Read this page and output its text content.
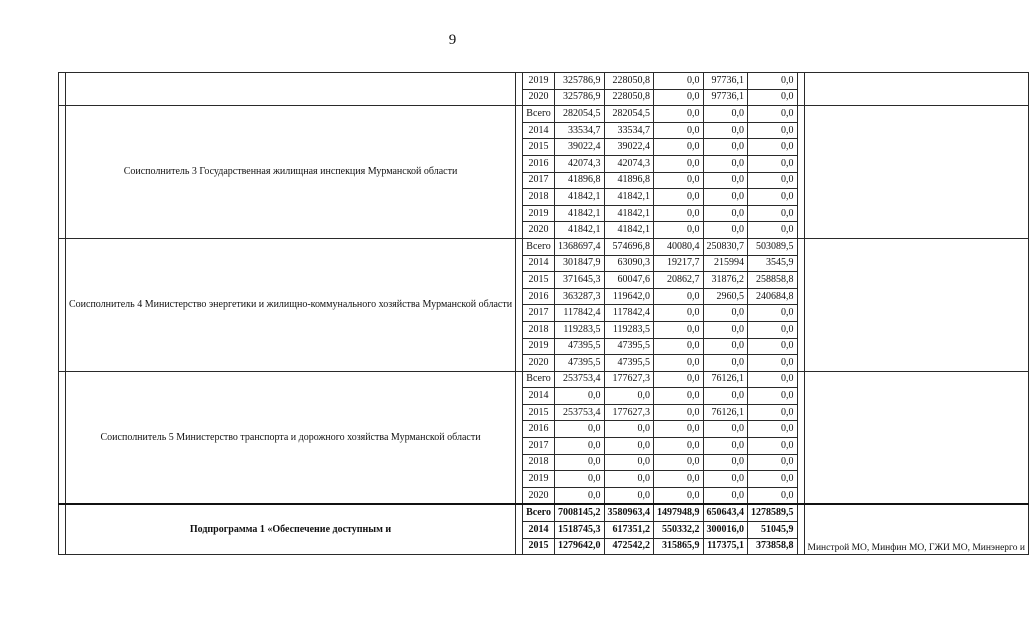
9
			2019	325786,9	228050,8	0,0	97736,1	0,0		
			2020	325786,9	228050,8	0,0	97736,1	0,0		
	Соисполнитель 3 Государственная жилищная инспекция Мурманской области		Всего	282054,5	282054,5	0,0	0,0	0,0		
			2014	33534,7	33534,7	0,0	0,0	0,0		
			2015	39022,4	39022,4	0,0	0,0	0,0		
			2016	42074,3	42074,3	0,0	0,0	0,0		
			2017	41896,8	41896,8	0,0	0,0	0,0		
			2018	41842,1	41842,1	0,0	0,0	0,0		
			2019	41842,1	41842,1	0,0	0,0	0,0		
			2020	41842,1	41842,1	0,0	0,0	0,0		
	Соисполнитель 4 Министерство энергетики и жилищно-коммунального хозяйства Мурманской области		Всего	1368697,4	574696,8	40080,4	250830,7	503089,5		
			2014	301847,9	63090,3	19217,7	215994	3545,9		
			2015	371645,3	60047,6	20862,7	31876,2	258858,8		
			2016	363287,3	119642,0	0,0	2960,5	240684,8		
			2017	117842,4	117842,4	0,0	0,0	0,0		
			2018	119283,5	119283,5	0,0	0,0	0,0		
			2019	47395,5	47395,5	0,0	0,0	0,0		
			2020	47395,5	47395,5	0,0	0,0	0,0		
	Соисполнитель 5 Министерство транспорта и дорожного хозяйства Мурманской области		Всего	253753,4	177627,3	0,0	76126,1	0,0		
			2014	0,0	0,0	0,0	0,0	0,0		
			2015	253753,4	177627,3	0,0	76126,1	0,0		
			2016	0,0	0,0	0,0	0,0	0,0		
			2017	0,0	0,0	0,0	0,0	0,0		
			2018	0,0	0,0	0,0	0,0	0,0		
			2019	0,0	0,0	0,0	0,0	0,0		
			2020	0,0	0,0	0,0	0,0	0,0		
	Подпрограмма 1 «Обеспечение доступным и		Всего	7008145,2	3580963,4	1497948,9	650643,4	1278589,5		Минстрой МО, Минфин МО, ГЖИ МО, Минэнерго и
			2014	1518745,3	617351,2	550332,2	300016,0	51045,9		
			2015	1279642,0	472542,2	315865,9	117375,1	373858,8		
